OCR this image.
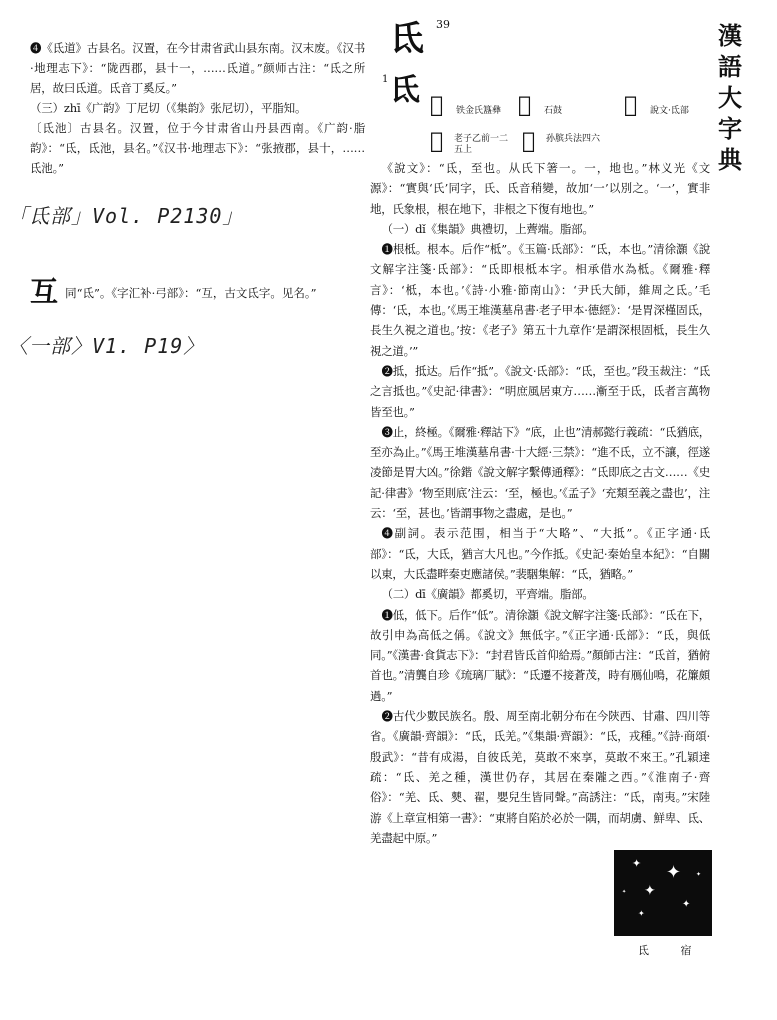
❹《氐道》古县名。汉置，在今甘肃省武山县东南。汉末废。《汉书·地理志下》：“陇西郡，县十一，……氐道。”颜师古注：“氐之所居，故曰氐道。氐音丁奚反。”

（三）zhī《广韵》丁尼切（《集韵》张尼切），平脂知。

〔氐池〕古县名。汉置，位于今甘肃省山丹县西南。《广韵·脂韵》：“氐，氐池，县名。”《汉书·地理志下》：“张掖郡，县十，……氐池。”

「氐部」Vol. P2130」
互 同“氐”。《字汇补·弓部》：“互，古文氐字。见名。”
〈一部〉V1. P19〉
氐 39	漢
語
大
字
典
1 氐 𠀉 铁金氏簋彝 𠀉 石鼓	𠀉 說文·氐部
𠀉 老子乙前一二五上	𠀉 孙膑兵法四六

《說文》：“氐，至也。从氏下箸一。一，地也。”林义光《文源》：“實與‘氏’同字，氏、氐音稍變，故加‘一’以別之。‘一’，實非地，氏象根，根在地下，非根之下復有地也。”

（一）dǐ《集韻》典禮切，上薺端。脂部。

❶根柢。根本。后作“柢”。《玉篇·氐部》：“氐，本也。”清徐灝《說文解字注箋·氐部》：“氐即根柢本字。相承借水為柢。《爾雅·釋言》：‘柢，本也。’《詩·小雅·節南山》：‘尹氏大師，維周之氐。’毛傳：‘氐，本也。’《馬王堆漢墓帛書·老子甲本·德經》：‘是胃深槿固氐，長生久視之道也。’按：《老子》第五十九章作‘是謂深根固柢，長生久視之道。’”

❷抵，抵达。后作“抵”。《說文·氐部》：“氐，至也。”段玉裁注：“氐之言抵也。”《史記·律書》：“明庶風居東方……漸至于氐，氐者言萬物皆至也。”

❸止，終極。《爾雅·釋詁下》“底，止也”清郝懿行義疏：“氐猶底，至亦為止。”《馬王堆漢墓帛書·十大經·三禁》：“進不氐，立不讓，徑遂凌節是胃大凶。”徐鍇《說文解字繫傳通釋》：“氐即底之古文……《史記·律書》‘物至則底’注云：‘至，極也。’《孟子》‘充類至義之盡也’，注云：‘至，甚也。’皆謂事物之盡處，是也。”

❹副詞。表示范围，相当于“大略”、“大抵”。《正字通·氐部》：“氐，大氐，猶言大凡也。”今作抵。《史記·秦始皇本紀》：“自關以東，大氐盡畔秦吏應諸侯。”裴駰集解：“氐，猶略。”

（二）dī《廣韻》都奚切，平齊端。脂部。

❶低，低下。后作“低”。清徐灝《說文解字注箋·氐部》：“氐在下，故引申為高低之偁。《說文》無低字。”《正字通·氐部》：“氐，與低同。”《漢書·食貨志下》：“封君皆氐首仰給焉。”顏師古注：“氐首，猶俯首也。”清龔自珍《琉璃厂賦》：“氐遷不接蒼茂，時有鴈仙鳴，花簾頗過。”

❷古代少數民族名。殷、周至南北朝分布在今陝西、甘肅、四川等省。《廣韻·齊韻》：“氐，氐羌。”《集韻·齊韻》：“氐，戎種。”《詩·商頌·殷武》：“昔有成湯，自彼氐羌，莫敢不來享，莫敢不來王。”孔穎達疏：“氐、羌之種，漢世仍存，其居在秦隴之西。”《淮南子·齊俗》：“羌、氐、僰、翟，嬰兒生皆同聲。”高誘注：“氐，南夷。”宋陸游《上章宣相第一書》：“東將自陷於必於一隅，而胡虜、鮮卑、氐、羌盡起中原。”

✦ ✦
✦
✦
✦
✦
✦
氐 宿
